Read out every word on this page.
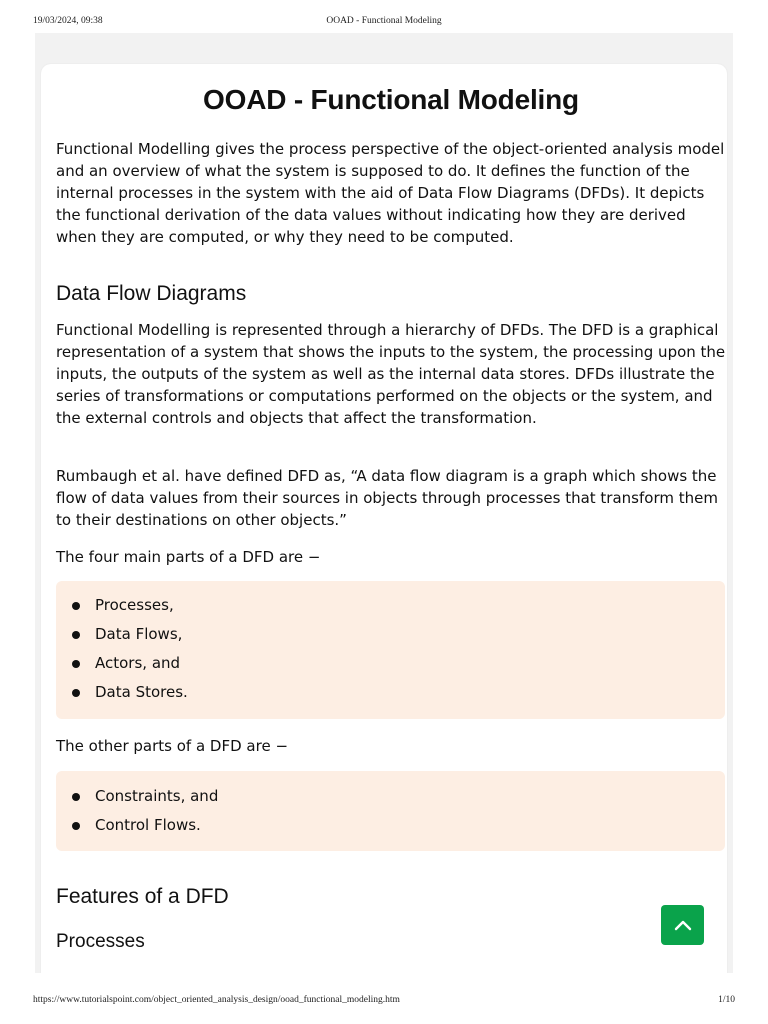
19/03/2024, 09:38	OOAD - Functional Modeling
OOAD - Functional Modeling

Functional Modelling gives the process perspective of the object-oriented analysis model and an overview of what the system is supposed to do. It defines the function of the internal processes in the system with the aid of Data Flow Diagrams (DFDs). It depicts the functional derivation of the data values without indicating how they are derived when they are computed, or why they need to be computed.

Data Flow Diagrams

Functional Modelling is represented through a hierarchy of DFDs. The DFD is a graphical representation of a system that shows the inputs to the system, the processing upon the inputs, the outputs of the system as well as the internal data stores. DFDs illustrate the series of transformations or computations performed on the objects or the system, and the external controls and objects that affect the transformation.

Rumbaugh et al. have defined DFD as, “A data flow diagram is a graph which shows the flow of data values from their sources in objects through processes that transform them to their destinations on other objects.”

The four main parts of a DFD are −

Processes,
Data Flows,
Actors, and
Data Stores.

The other parts of a DFD are −

Constraints, and
Control Flows.
Features of a DFD
Processes
https://www.tutorialspoint.com/object_oriented_analysis_design/ooad_functional_modeling.htm	1/10
